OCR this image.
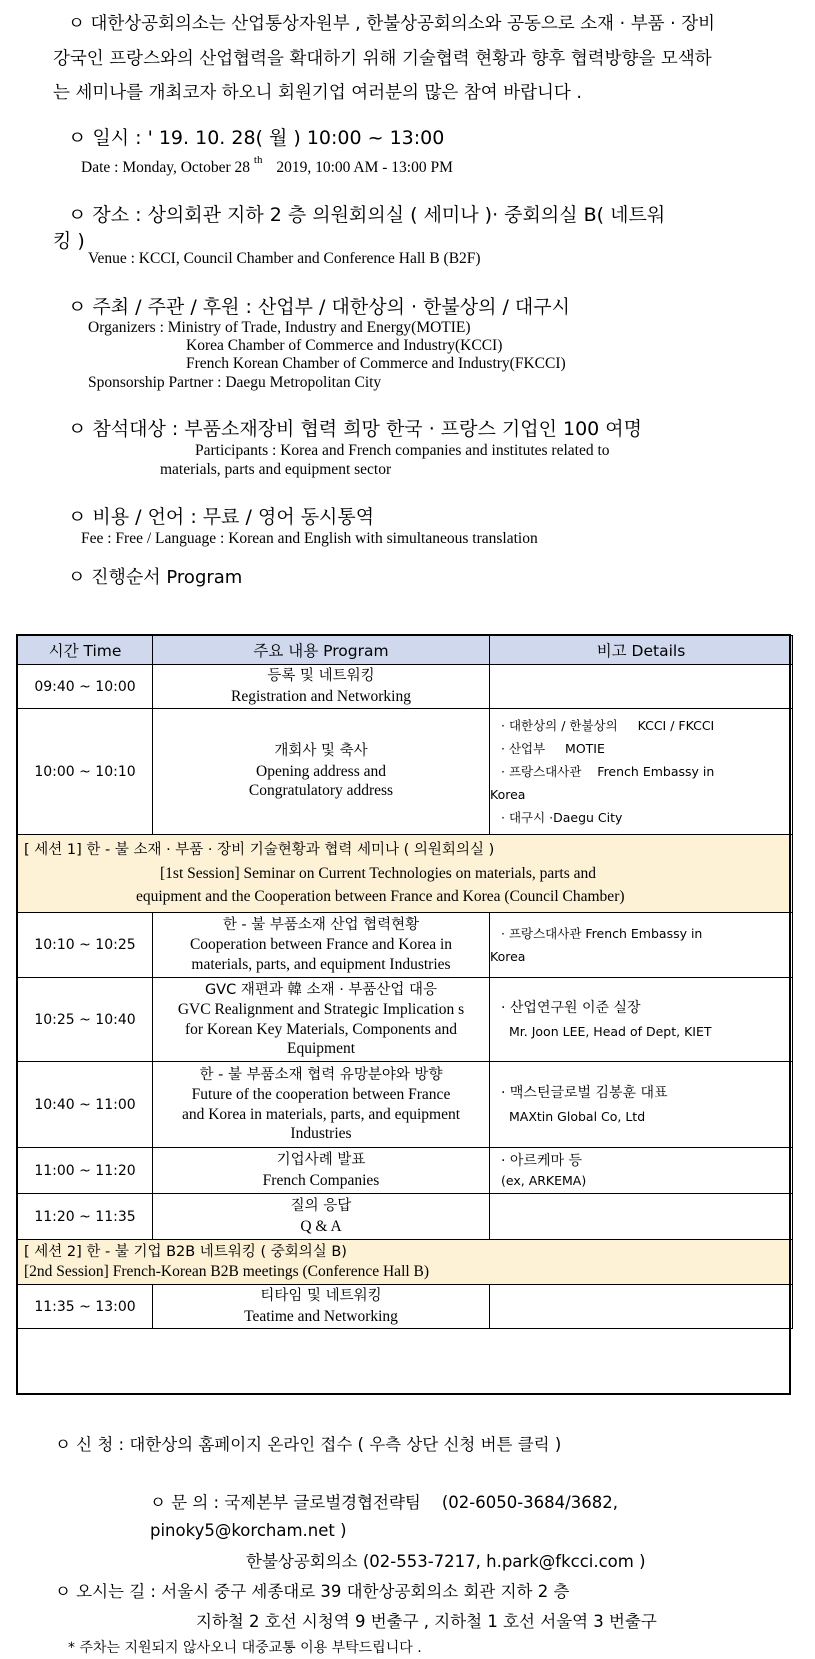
ㅇ 대한상공회의소는 산업통상자원부 , 한불상공회의소와 공동으로 소재 · 부품 · 장비
강국인 프랑스와의 산업협력을 확대하기 위해 기술협력 현황과 향후 협력방향을 모색하
는 세미나를 개최코자 하오니 회원기업 여러분의 많은 참여 바랍니다 .
ㅇ 일시 : ' 19. 10. 28( 월 ) 10:00 ~ 13:00
Date : Monday, October 28 $^{th}$ 2019, 10:00 AM - 13:00 PM
ㅇ 장소 : 상의회관 지하 2 층 의원회의실 ( 세미나 )· 중회의실 B( 네트워
킹 )
Venue : KCCI, Council Chamber and Conference Hall B (B2F)
ㅇ 주최 / 주관 / 후원 : 산업부 / 대한상의 · 한불상의 / 대구시
Organizers : Ministry of Trade, Industry and Energy(MOTIE)
Korea Chamber of Commerce and Industry(KCCI)
French Korean Chamber of Commerce and Industry(FKCCI)
Sponsorship Partner : Daegu Metropolitan City
ㅇ 참석대상 : 부품소재장비 협력 희망 한국 · 프랑스 기업인 100 여명
Participants : Korea and French companies and institutes related to
materials, parts and equipment sector
ㅇ 비용 / 언어 : 무료 / 영어 동시통역
Fee : Free / Language : Korean and English with simultaneous translation
ㅇ 진행순서 Program
시간 Time	주요 내용 Program	비고 Details
09:40 ~ 10:00	등록 및 네트워킹
Registration and Networking	

10:00 ~ 10:10	개회사 및 축사
Opening address and
Congratulatory address	· 대한상의 / 한불상의     KCCI / FKCCI
· 산업부     MOTIE
· 프랑스대사관    French Embassy in
Korea
· 대구시 ·Daegu City

[ 세션 1] 한 - 불 소재 · 부품 · 장비 기술현황과 협력 세미나 ( 의원회의실 )
[1st Session] Seminar on Current Technologies on materials, parts and
equipment and the Cooperation between France and Korea (Council Chamber)		

10:10 ~ 10:25	한 - 불 부품소재 산업 협력현황
Cooperation between France and Korea in
materials, parts, and equipment Industries	· 프랑스대사관 French Embassy in
Korea

10:25 ~ 10:40	GVC 재편과 韓 소재 · 부품산업 대응
GVC Realignment and Strategic Implication s
for Korean Key Materials, Components and
Equipment	· 산업연구원 이준 실장
Mr. Joon LEE, Head of Dept, KIET

10:40 ~ 11:00	한 - 불 부품소재 협력 유망분야와 방향
Future of the cooperation between France
and Korea in materials, parts, and equipment
Industries	· 맥스틴글로벌 김봉훈 대표
MAXtin Global Co, Ltd

11:00 ~ 11:20	기업사례 발표
French Companies	· 아르케마 등
(ex, ARKEMA)

11:20 ~ 11:35	질의 응답
Q & A	

[ 세션 2] 한 - 불 기업 B2B 네트워킹 ( 중회의실 B)
[2nd Session] French-Korean B2B meetings (Conference Hall B)		

11:35 ~ 13:00	티타임 및 네트워킹
Teatime and Networking	

ㅇ 신 청 : 대한상의 홈페이지 온라인 접수 ( 우측 상단 신청 버튼 클릭 )
ㅇ 문 의 : 국제본부 글로벌경협전략팀    (02-6050-3684/3682,
pinoky5@korcham.net )
한불상공회의소 (02-553-7217, h.park@fkcci.com )
ㅇ 오시는 길 : 서울시 중구 세종대로 39 대한상공회의소 회관 지하 2 층
지하철 2 호선 시청역 9 번출구 , 지하철 1 호선 서울역 3 번출구
* 주차는 지원되지 않사오니 대중교통 이용 부탁드립니다 .
